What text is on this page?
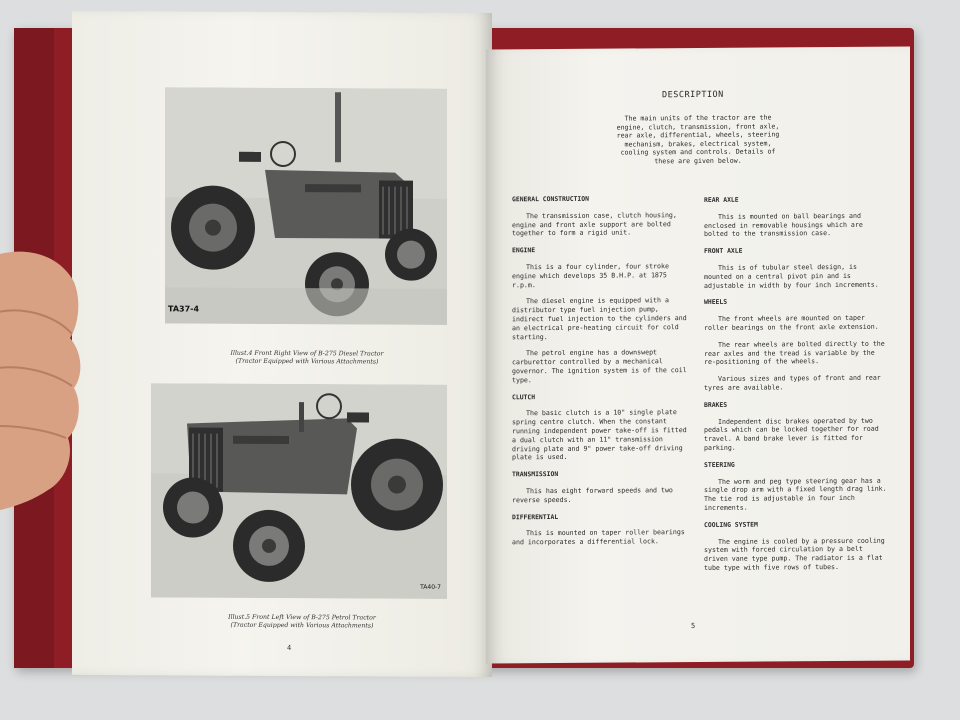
TA37-4
Illust.4 Front Right View of B-275 Diesel Tractor
(Tractor Equipped with Various Attachments)
TA40-7
Illust.5 Front Left View of B-275 Petrol Tractor
(Tractor Equipped with Various Attachments)
4
DESCRIPTION
The main units of the tractor are the engine, clutch, transmission, front axle, rear axle, differential, wheels, steering mechanism, brakes, electrical system, cooling system and controls. Details of these are given below.
GENERAL CONSTRUCTION
The transmission case, clutch housing, engine and front axle support are bolted together to form a rigid unit.
ENGINE
This is a four cylinder, four stroke engine which develops 35 B.H.P. at 1875 r.p.m.
The diesel engine is equipped with a distributor type fuel injection pump, indirect fuel injection to the cylinders and an electrical pre-heating circuit for cold starting.
The petrol engine has a downswept carburettor controlled by a mechanical governor. The ignition system is of the coil type.
CLUTCH
The basic clutch is a 10" single plate spring centre clutch. When the constant running independent power take-off is fitted a dual clutch with an 11" transmission driving plate and 9" power take-off driving plate is used.
TRANSMISSION
This has eight forward speeds and two reverse speeds.
DIFFERENTIAL
This is mounted on taper roller bearings and incorporates a differential lock.
REAR AXLE
This is mounted on ball bearings and enclosed in removable housings which are bolted to the transmission case.
FRONT AXLE
This is of tubular steel design, is mounted on a central pivot pin and is adjustable in width by four inch increments.
WHEELS
The front wheels are mounted on taper roller bearings on the front axle extension.
The rear wheels are bolted directly to the rear axles and the tread is variable by the re-positioning of the wheels.
Various sizes and types of front and rear tyres are available.
BRAKES
Independent disc brakes operated by two pedals which can be locked together for road travel. A band brake lever is fitted for parking.
STEERING
The worm and peg type steering gear has a single drop arm with a fixed length drag link. The tie rod is adjustable in four inch increments.
COOLING SYSTEM
The engine is cooled by a pressure cooling system with forced circulation by a belt driven vane type pump. The radiator is a flat tube type with five rows of tubes.
5
